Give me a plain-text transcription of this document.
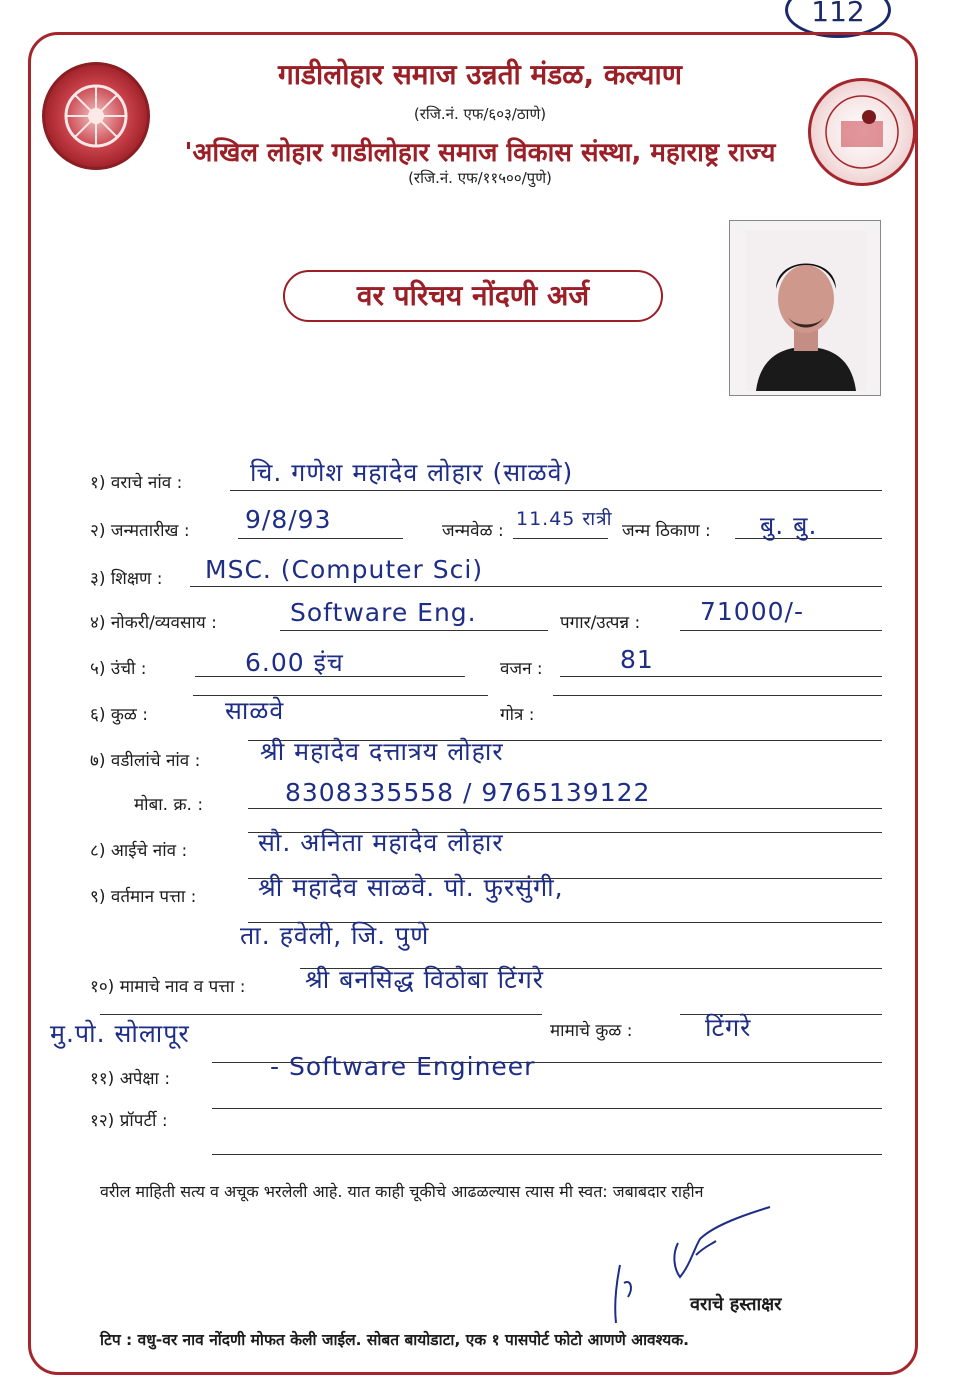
112
गाडीलोहार समाज उन्नती मंडळ, कल्याण
(रजि.नं. एफ/६०३/ठाणे)
'अखिल लोहार गाडीलोहार समाज विकास संस्था, महाराष्ट्र राज्य
(रजि.नं. एफ/११५००/पुणे)
वर परिचय नोंदणी अर्ज
१) वराचे नांव :	चि. गणेश महादेव लोहार (साळवे)
२) जन्मतारीख : 9/8/93	जन्मवेळ :
11.45 रात्री
जन्म ठिकाण : बु. बु.
३) शिक्षण : MSC. (Computer Sci)
४) नोकरी/व्यवसाय :	Software Eng.	पगार/उत्पन्न : 71000/-
५) उंची :	6.00 इंच	वजन :	81
६) कुळ :	साळवे	गोत्र :
७) वडीलांचे नांव : श्री महादेव दत्तात्रय लोहार
मोबा. क्र. :	8308335558 / 9765139122
८) आईचे नांव :	सौ. अनिता महादेव लोहार
९) वर्तमान पत्ता : श्री महादेव साळवे. पो. फुरसुंगी,
ता. हवेली, जि. पुणे
१०) मामाचे नाव व पत्ता : श्री बनसिद्ध विठोबा टिंगरे
मु.पो. सोलापूर	मामाचे कुळ :	टिंगरे
११) अपेक्षा :	- Software Engineer
१२) प्रॉपर्टी :
वरील माहिती सत्य व अचूक भरलेली आहे. यात काही चूकीचे आढळल्यास त्यास मी स्वत: जबाबदार राहीन
वराचे हस्ताक्षर
टिप : वधु-वर नाव नोंदणी मोफत केली जाईल. सोबत बायोडाटा, एक १ पासपोर्ट फोटो आणणे आवश्यक.
